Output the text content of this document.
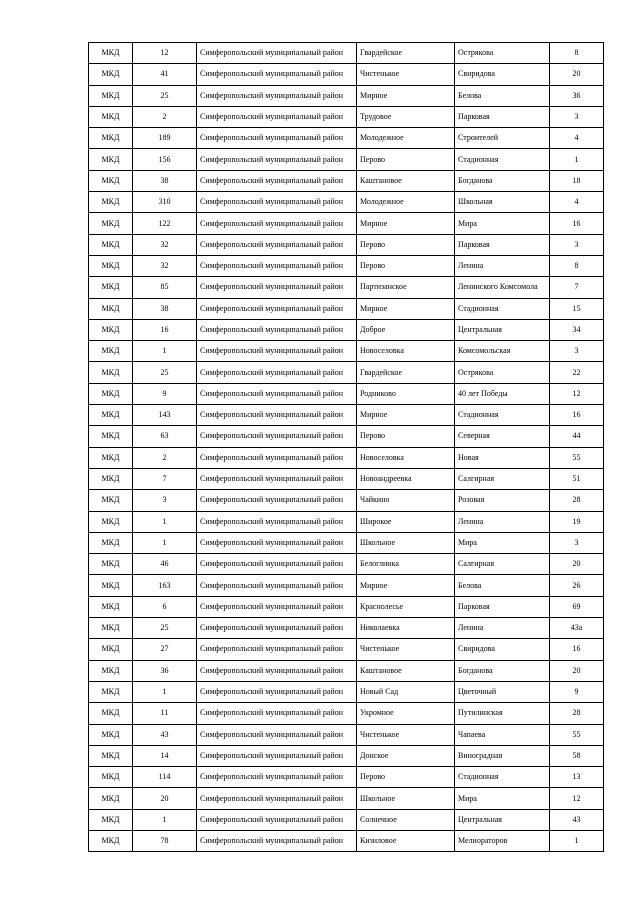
МКД	12	Симферопольский муниципальный район	Гвардейское	Острякова	8
МКД	41	Симферопольский муниципальный район	Чистенькое	Свиридова	20
МКД	25	Симферопольский муниципальный район	Мирное	Белова	36
МКД	2	Симферопольский муниципальный район	Трудовое	Парковая	3
МКД	189	Симферопольский муниципальный район	Молодежное	Строителей	4
МКД	156	Симферопольский муниципальный район	Перово	Стадионная	1
МКД	38	Симферопольский муниципальный район	Каштановое	Богданова	18
МКД	310	Симферопольский муниципальный район	Молодежное	Школьная	4
МКД	122	Симферопольский муниципальный район	Мирное	Мира	16
МКД	32	Симферопольский муниципальный район	Перово	Парковая	3
МКД	32	Симферопольский муниципальный район	Перово	Ленина	8
МКД	85	Симферопольский муниципальный район	Партизанское	Ленинского Комсомола	7
МКД	38	Симферопольский муниципальный район	Мирное	Стадионная	15
МКД	16	Симферопольский муниципальный район	Доброе	Центральная	34
МКД	1	Симферопольский муниципальный район	Новоселовка	Комсомольская	3
МКД	25	Симферопольский муниципальный район	Гвардейское	Острякова	22
МКД	9	Симферопольский муниципальный район	Родниково	40 лет Победы	12
МКД	143	Симферопольский муниципальный район	Мирное	Стадионная	16
МКД	63	Симферопольский муниципальный район	Перово	Северная	44
МКД	2	Симферопольский муниципальный район	Новоселовка	Новая	55
МКД	7	Симферопольский муниципальный район	Новоандреевка	Салгирная	51
МКД	3	Симферопольский муниципальный район	Чайкино	Розовая	28
МКД	1	Симферопольский муниципальный район	Широкое	Ленина	19
МКД	1	Симферопольский муниципальный район	Школьное	Мира	3
МКД	46	Симферопольский муниципальный район	Белоглинка	Салгирная	20
МКД	163	Симферопольский муниципальный район	Мирное	Белова	26
МКД	6	Симферопольский муниципальный район	Краснолесье	Парковая	69
МКД	25	Симферопольский муниципальный район	Николаевка	Ленина	43а
МКД	27	Симферопольский муниципальный район	Чистенькое	Свиридова	16
МКД	36	Симферопольский муниципальный район	Каштановое	Богданова	20
МКД	1	Симферопольский муниципальный район	Новый Сад	Цветочный	9
МКД	11	Симферопольский муниципальный район	Укромное	Путилинская	28
МКД	43	Симферопольский муниципальный район	Чистенькое	Чапаева	55
МКД	14	Симферопольский муниципальный район	Донское	Виноградная	58
МКД	114	Симферопольский муниципальный район	Перово	Стадионная	13
МКД	20	Симферопольский муниципальный район	Школьное	Мира	12
МКД	1	Симферопольский муниципальный район	Солнечное	Центральная	43
МКД	78	Симферопольский муниципальный район	Кизиловое	Мелиораторов	1
